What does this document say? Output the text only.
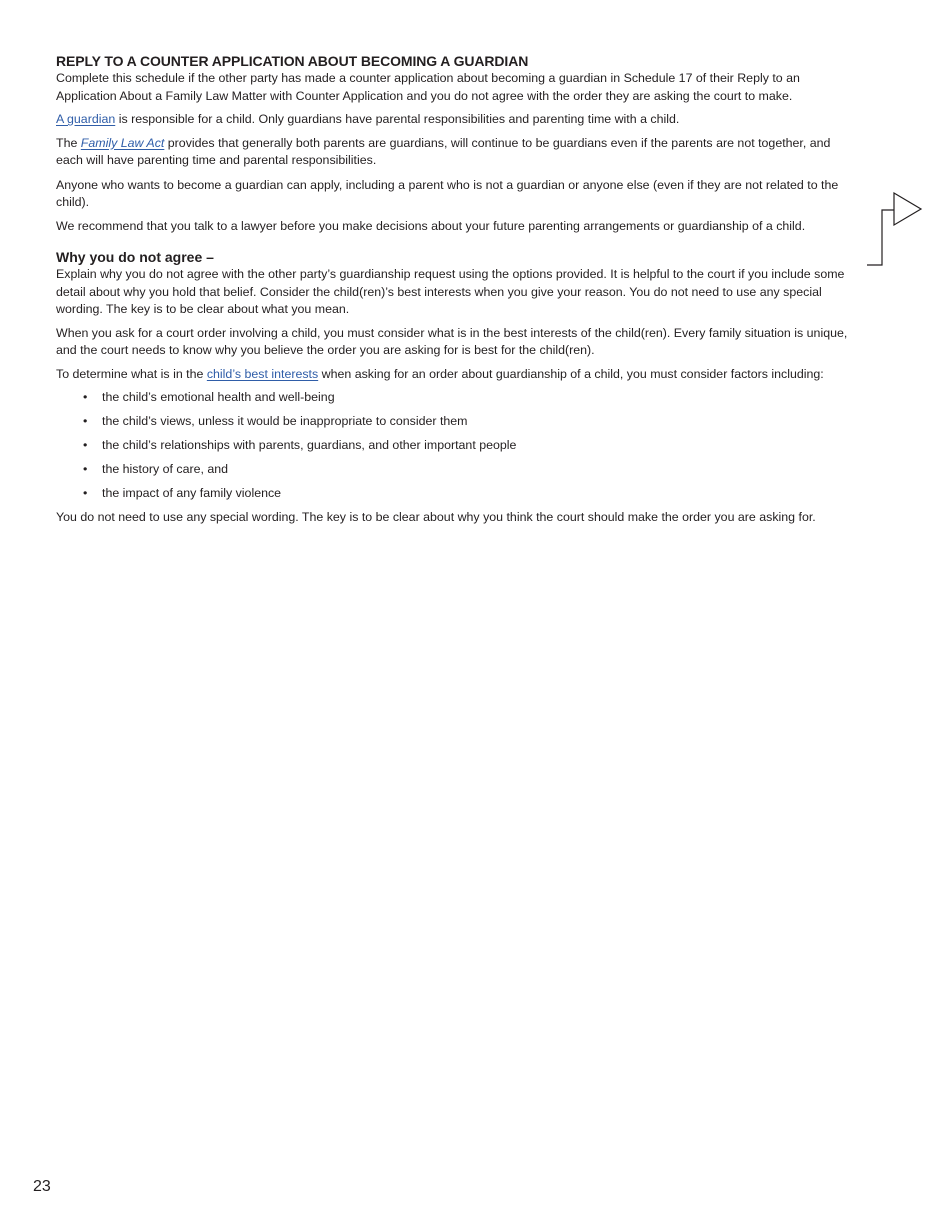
REPLY TO A COUNTER APPLICATION ABOUT BECOMING A GUARDIAN

Complete this schedule if the other party has made a counter application about becoming a guardian in Schedule 17 of their Reply to an Application About a Family Law Matter with Counter Application and you do not agree with the order they are asking the court to make.

A guardian is responsible for a child. Only guardians have parental responsibilities and parenting time with a child.

The Family Law Act provides that generally both parents are guardians, will continue to be guardians even if the parents are not together, and each will have parenting time and parental responsibilities.

Anyone who wants to become a guardian can apply, including a parent who is not a guardian or anyone else (even if they are not related to the child).

We recommend that you talk to a lawyer before you make decisions about your future parenting arrangements or guardianship of a child.

Why you do not agree –

Explain why you do not agree with the other party’s guardianship request using the options provided. It is helpful to the court if you include some detail about why you hold that belief. Consider the child(ren)’s best interests when you give your reason. You do not need to use any special wording. The key is to be clear about what you mean.

When you ask for a court order involving a child, you must consider what is in the best interests of the child(ren). Every family situation is unique, and the court needs to know why you believe the order you are asking for is best for the child(ren).

To determine what is in the child’s best interests when asking for an order about guardianship of a child, you must consider factors including:

• the child’s emotional health and well-being
• the child’s views, unless it would be inappropriate to consider them
• the child’s relationships with parents, guardians, and other important people
• the history of care, and
• the impact of any family violence

You do not need to use any special wording. The key is to be clear about why you think the court should make the order you are asking for.

23
